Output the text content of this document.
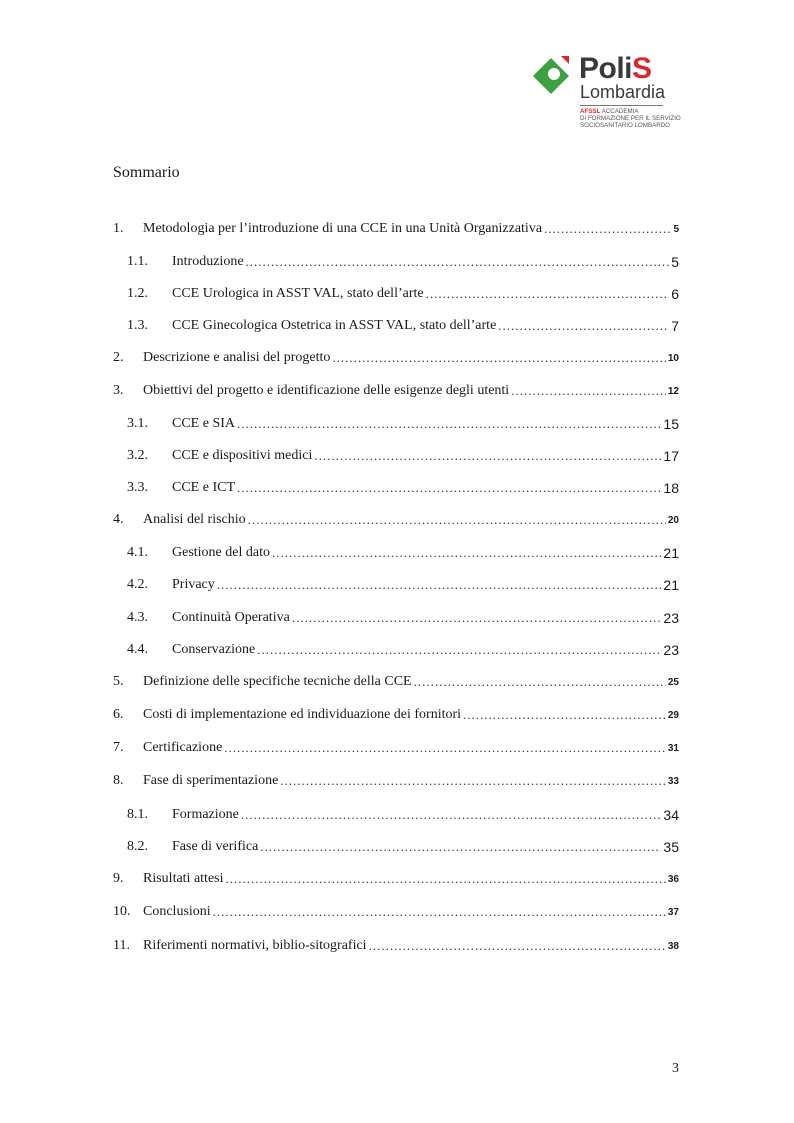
PoliS
Lombardia
AFSSL ACCADEMIA
DI FORMAZIONE PER IL SERVIZIO
SOCIOSANITARIO LOMBARDO
Sommario
1.	Metodologia per l’introduzione di una CCE in una Unità Organizzativa .....	5
1.1.	Introduzione .....	5
1.2.	CCE Urologica in ASST VAL, stato dell’arte .....	6
1.3.	CCE Ginecologica Ostetrica in ASST VAL, stato dell’arte .....	7
2.	Descrizione e analisi del progetto .....	10
3.	Obiettivi del progetto e identificazione delle esigenze degli utenti .....	12
3.1.	CCE e SIA .....	15
3.2.	CCE e dispositivi medici .....	17
3.3.	CCE e ICT .....	18
4.	Analisi del rischio .....	20
4.1.	Gestione del dato .....	21
4.2.	Privacy .....	21
4.3.	Continuità Operativa .....	23
4.4.	Conservazione .....	23
5.	Definizione delle specifiche tecniche della CCE .....	25
6.	Costi di implementazione ed individuazione dei fornitori .....	29
7.	Certificazione .....	31
8.	Fase di sperimentazione .....	33
8.1.	Formazione .....	34
8.2.	Fase di verifica .....	35
9.	Risultati attesi .....	36
10. Conclusioni .....	37
11. Riferimenti normativi, biblio-sitografici .....	38
3
